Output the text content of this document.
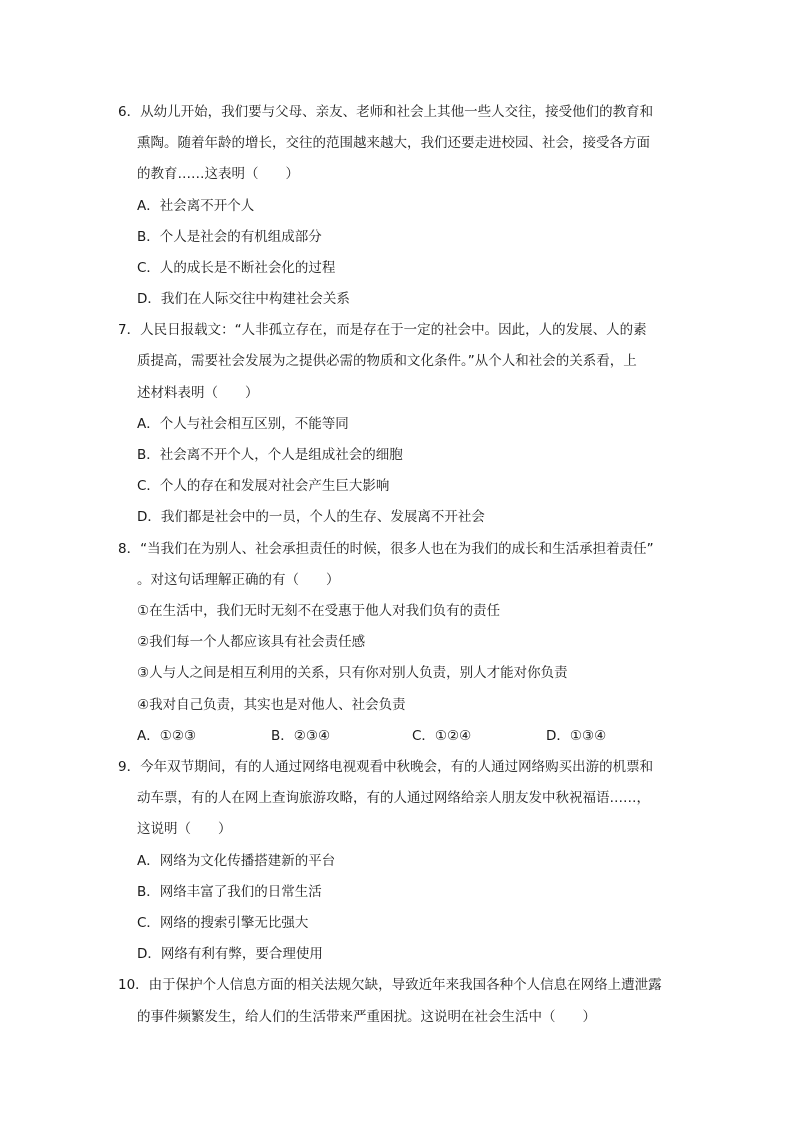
6．从幼儿开始，我们要与父母、亲友、老师和社会上其他一些人交往，接受他们的教育和
熏陶。随着年龄的增长，交往的范围越来越大，我们还要走进校园、社会，接受各方面
的教育……这表明（　　）
A．社会离不开个人
B．个人是社会的有机组成部分
C．人的成长是不断社会化的过程
D．我们在人际交往中构建社会关系
7．人民日报载文：“人非孤立存在，而是存在于一定的社会中。因此，人的发展、人的素
质提高，需要社会发展为之提供必需的物质和文化条件。”从个人和社会的关系看，上
述材料表明（　　）
A．个人与社会相互区别，不能等同
B．社会离不开个人，个人是组成社会的细胞
C．个人的存在和发展对社会产生巨大影响
D．我们都是社会中的一员，个人的生存、发展离不开社会
8．“当我们在为别人、社会承担责任的时候，很多人也在为我们的成长和生活承担着责任”
。对这句话理解正确的有（　　）
①在生活中，我们无时无刻不在受惠于他人对我们负有的责任
②我们每一个人都应该具有社会责任感
③人与人之间是相互利用的关系，只有你对别人负责，别人才能对你负责
④我对自己负责，其实也是对他人、社会负责
A．①②③	B．②③④	C．①②④	D．①③④
9．今年双节期间，有的人通过网络电视观看中秋晚会，有的人通过网络购买出游的机票和
动车票，有的人在网上查询旅游攻略，有的人通过网络给亲人朋友发中秋祝福语……，
这说明（　　）
A．网络为文化传播搭建新的平台
B．网络丰富了我们的日常生活
C．网络的搜索引擎无比强大
D．网络有利有弊，要合理使用
10．由于保护个人信息方面的相关法规欠缺，导致近年来我国各种个人信息在网络上遭泄露
的事件频繁发生，给人们的生活带来严重困扰。这说明在社会生活中（　　）
